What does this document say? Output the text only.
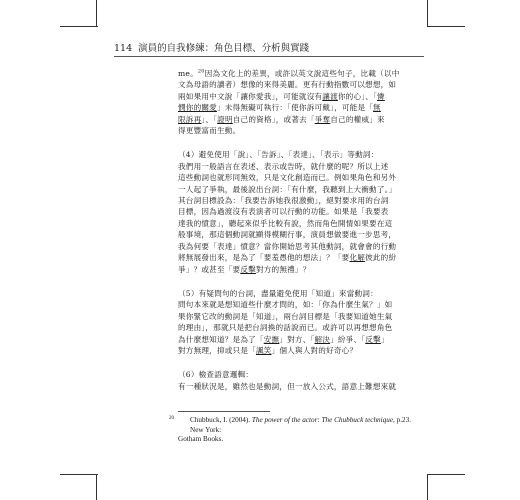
114 演員的自我修練：角色目標、分析與實踐
me。$^{20}$因為文化上的差異，或許以英文說這些句子，比載（以中
文為母語的讀者）想像的來得美麗。更有行動指數可以想想，如
兩如果用中文說「讓你愛我」，可能就沒有讓渡你的心」、「憐
憫你的關愛」未得無礙可執行：「使你訴可戴」，可能是「無
限訴再」、「證明自己的資格」，或著去「爭奪自己的權威」來
得更豐富而生動。
（4）避免使用「說」、「告訴」、「表達」、「表示」等動詞：
我們用一般語言在表述、表示或告時，就什麼的呢？所以上述
這些動詞也就形同無效，只是文化創造而已。例如果角色和另外
一人起了爭執，最後說出台詞：「有什麼，我聽到上大衝動了。」
其台詞目標設為：「我要告訴她我很激動」，絕對要求用的台詞
目標，因為過渡沒有表演者可以行動的功能。如果是「我要表
達我的憤意」，聽起來似乎比較有說，然而角色開情如果要在這
般事境，那這個動詞就顯得模糊行事，演員想做要進一步思考，
我為何要「表達」憤意？當你開始思考其他動詞，就會會的行動
將無展發出來，是為了「要羞愚他的想法」？「要化解彼此的紛
爭」？或甚至「要反擊對方的無禮」？
（5）有疑問句的台詞，盡量避免使用「知道」來當動詞：
問句本來就是想知道些什麼才問的，如：「你為什麼生氣？」如
果你緊它改的動詞是「知道」，兩台詞目標是「我要知道她生氣
的理由」，那就只是把台詞換的話說而已。或許可以再想想角色
為什麼想知道？是為了「安撫」對方、「解決」紛爭、「反擊」
對方無理，抑或只是「諷笑」個人與人對的好奇心？
（6）檢查語意邏輯：
有一種狀況是，雖然也是動詞，但一放入公式，語意上難想來就
20	Chubbuck, I. (2004). The power of the actor: The Chubbuck technique, p.23. New York:
Gotham Books.
